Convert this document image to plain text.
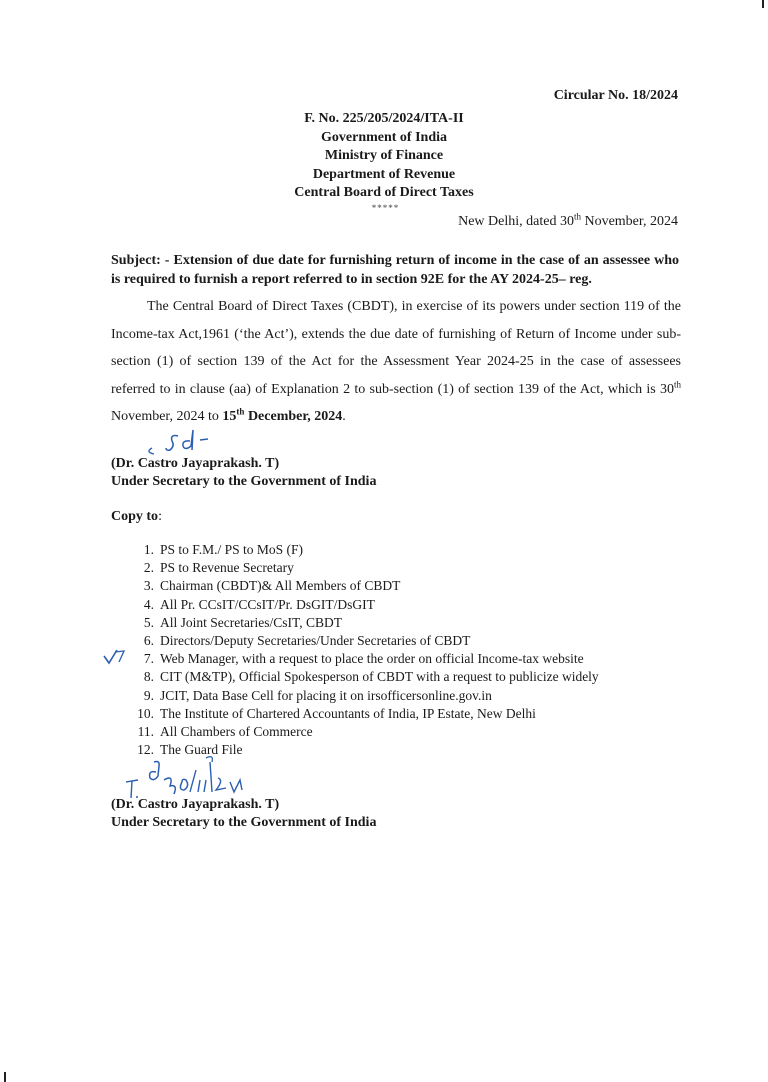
Circular No. 18/2024
F. No. 225/205/2024/ITA-II
Government of India
Ministry of Finance
Department of Revenue
Central Board of Direct Taxes
*****
New Delhi, dated 30th November, 2024
Subject: - Extension of due date for furnishing return of income in the case of an assessee who is required to furnish a report referred to in section 92E for the AY 2024-25– reg.
The Central Board of Direct Taxes (CBDT), in exercise of its powers under section 119 of the Income-tax Act,1961 (‘the Act’), extends the due date of furnishing of Return of Income under sub-section (1) of section 139 of the Act for the Assessment Year 2024-25 in the case of assessees referred to in clause (aa) of Explanation 2 to sub-section (1) of section 139 of the Act, which is 30th November, 2024 to 15th December, 2024.
(Dr. Castro Jayaprakash. T)
Under Secretary to the Government of India
Copy to:
1. PS to F.M./ PS to MoS (F)
2. PS to Revenue Secretary
3. Chairman (CBDT)& All Members of CBDT
4. All Pr. CCsIT/CCsIT/Pr. DsGIT/DsGIT
5. All Joint Secretaries/CsIT, CBDT
6. Directors/Deputy Secretaries/Under Secretaries of CBDT
7. Web Manager, with a request to place the order on official Income-tax website
8. CIT (M&TP), Official Spokesperson of CBDT with a request to publicize widely
9. JCIT, Data Base Cell for placing it on irsofficersonline.gov.in
10. The Institute of Chartered Accountants of India, IP Estate, New Delhi
11. All Chambers of Commerce
12. The Guard File
(Dr. Castro Jayaprakash. T)
Under Secretary to the Government of India
